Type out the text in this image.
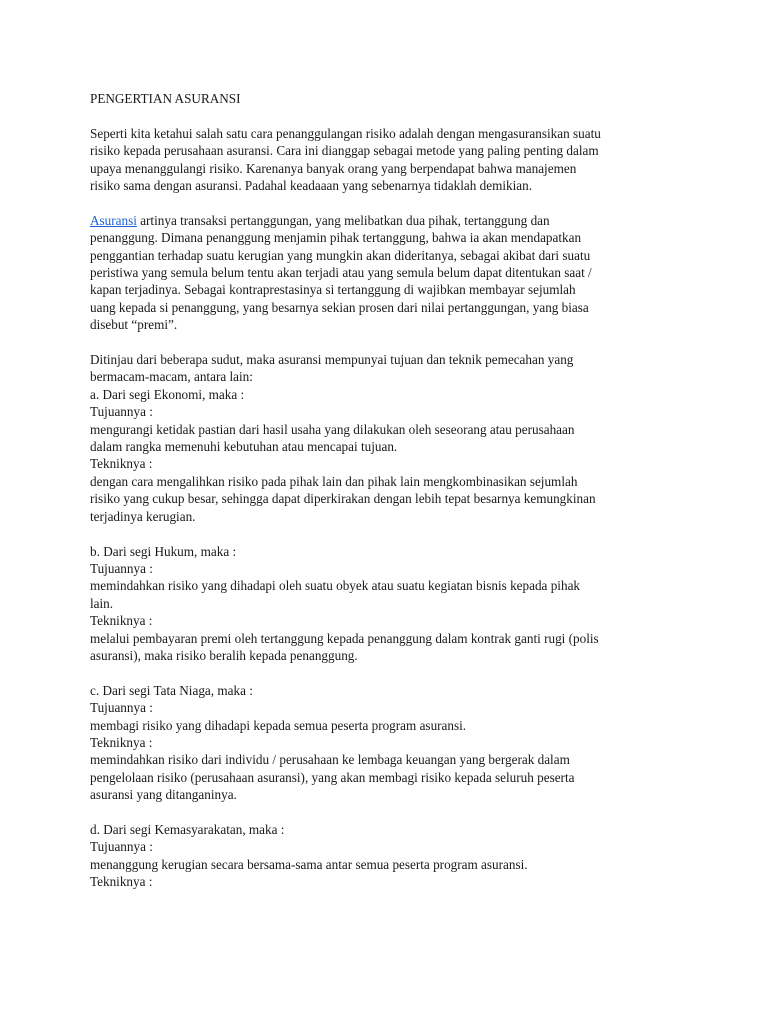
PENGERTIAN ASURANSI
Seperti kita ketahui salah satu cara penanggulangan risiko adalah dengan mengasuransikan suatu
risiko kepada perusahaan asuransi. Cara ini dianggap sebagai metode yang paling penting dalam
upaya menanggulangi risiko. Karenanya banyak orang yang berpendapat bahwa manajemen
risiko sama dengan asuransi. Padahal keadaaan yang sebenarnya tidaklah demikian.
Asuransi artinya transaksi pertanggungan, yang melibatkan dua pihak, tertanggung dan
penanggung. Dimana penanggung menjamin pihak tertanggung, bahwa ia akan mendapatkan
penggantian terhadap suatu kerugian yang mungkin akan dideritanya, sebagai akibat dari suatu
peristiwa yang semula belum tentu akan terjadi atau yang semula belum dapat ditentukan saat /
kapan terjadinya. Sebagai kontraprestasinya si tertanggung di wajibkan membayar sejumlah
uang kepada si penanggung, yang besarnya sekian prosen dari nilai pertanggungan, yang biasa
disebut “premi”.
Ditinjau dari beberapa sudut, maka asuransi mempunyai tujuan dan teknik pemecahan yang
bermacam-macam, antara lain:
a. Dari segi Ekonomi, maka :
Tujuannya :
mengurangi ketidak pastian dari hasil usaha yang dilakukan oleh seseorang atau perusahaan
dalam rangka memenuhi kebutuhan atau mencapai tujuan.
Tekniknya :
dengan cara mengalihkan risiko pada pihak lain dan pihak lain mengkombinasikan sejumlah
risiko yang cukup besar, sehingga dapat diperkirakan dengan lebih tepat besarnya kemungkinan
terjadinya kerugian.
b. Dari segi Hukum, maka :
Tujuannya :
memindahkan risiko yang dihadapi oleh suatu obyek atau suatu kegiatan bisnis kepada pihak
lain.
Tekniknya :
melalui pembayaran premi oleh tertanggung kepada penanggung dalam kontrak ganti rugi (polis
asuransi), maka risiko beralih kepada penanggung.
c. Dari segi Tata Niaga, maka :
Tujuannya :
membagi risiko yang dihadapi kepada semua peserta program asuransi.
Tekniknya :
memindahkan risiko dari individu / perusahaan ke lembaga keuangan yang bergerak dalam
pengelolaan risiko (perusahaan asuransi), yang akan membagi risiko kepada seluruh peserta
asuransi yang ditanganinya.
d. Dari segi Kemasyarakatan, maka :
Tujuannya :
menanggung kerugian secara bersama-sama antar semua peserta program asuransi.
Tekniknya :
